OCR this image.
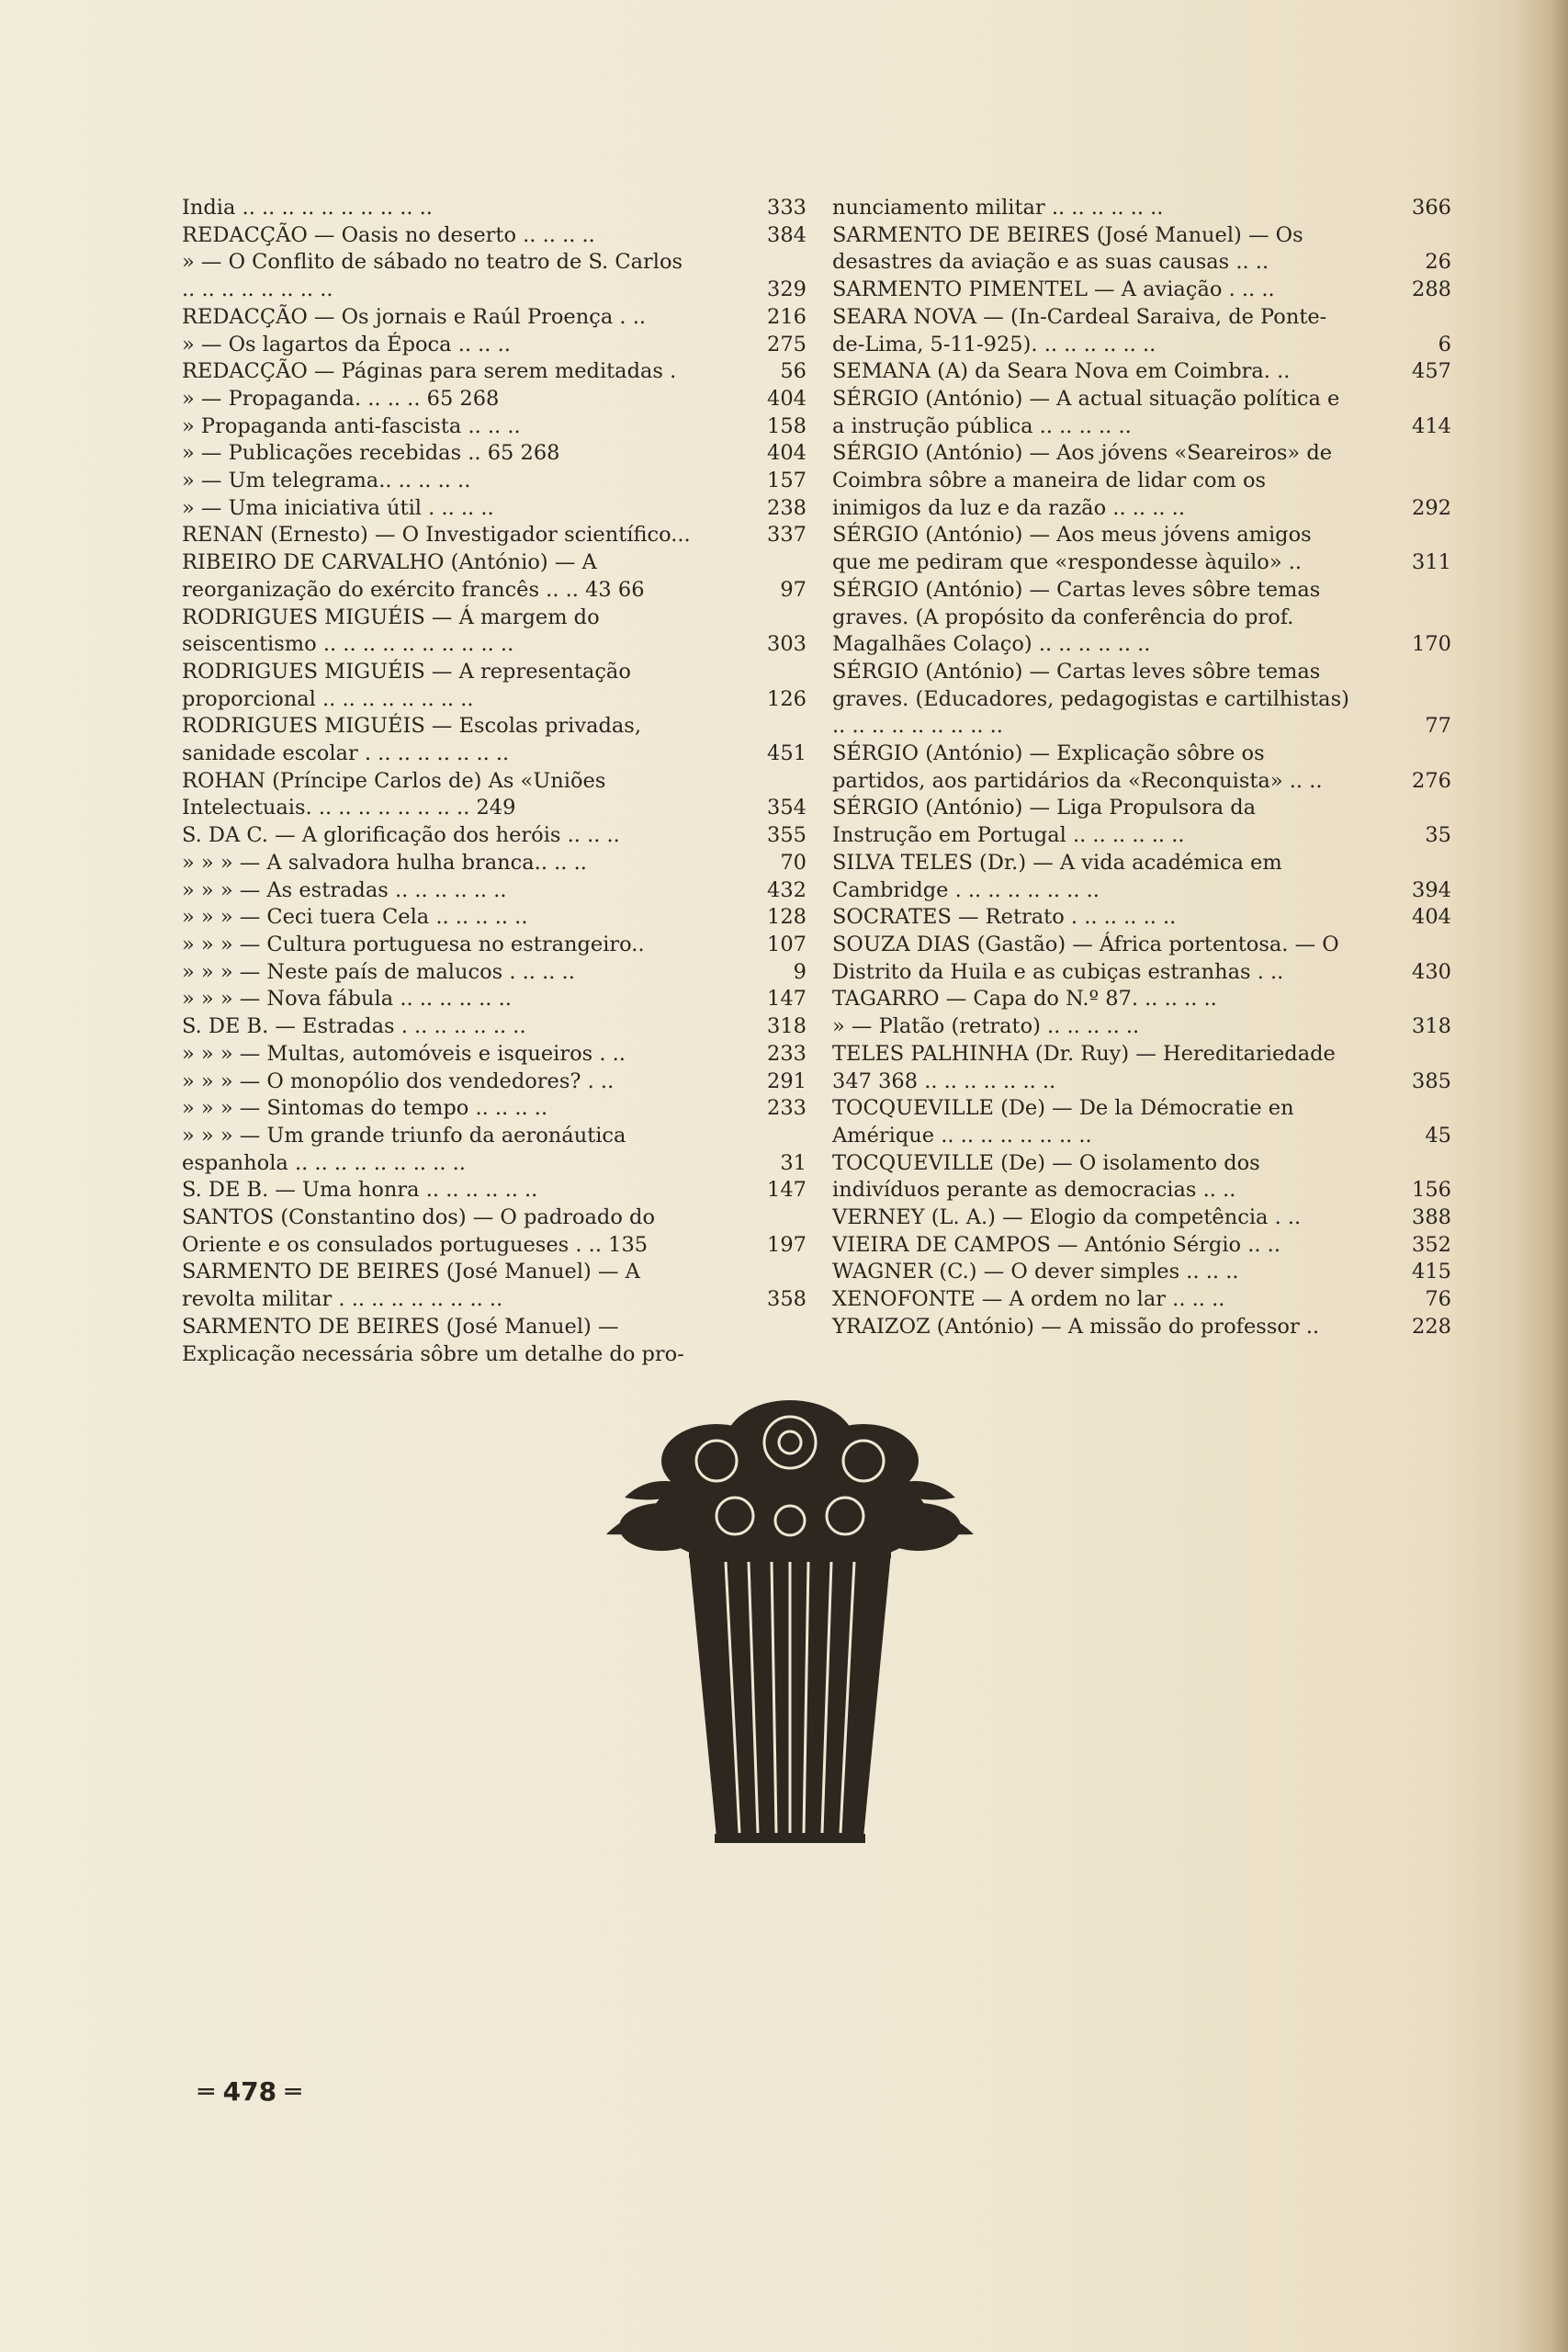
India .. .. .. .. .. .. .. .. .. ..	333
REDACÇÃO — Oasis no deserto .. .. .. ..	384
» — O Conflito de sábado no teatro de S. Carlos .. .. .. .. .. .. .. ..	329
REDACÇÃO — Os jornais e Raúl Proença . ..	216
» — Os lagartos da Época .. .. ..	275
REDACÇÃO — Páginas para serem meditadas .	56
» — Propaganda. .. .. .. 65 268	404
» Propaganda anti-fascista .. .. ..	158
» — Publicações recebidas .. 65 268	404
» — Um telegrama.. .. .. .. ..	157
» — Uma iniciativa útil . .. .. ..	238
RENAN (Ernesto) — O Investigador scientífico...	337
RIBEIRO DE CARVALHO (António) — A reorganização do exército francês .. .. 43 66	97
RODRIGUES MIGUÉIS — Á margem do seiscentismo .. .. .. .. .. .. .. .. .. ..	303
RODRIGUES MIGUÉIS — A representação proporcional .. .. .. .. .. .. .. ..	126
RODRIGUES MIGUÉIS — Escolas privadas, sanidade escolar . .. .. .. .. .. .. ..	451
ROHAN (Príncipe Carlos de) As «Uniões Intelectuais. .. .. .. .. .. .. .. .. 249	354
S. DA C. — A glorificação dos heróis .. .. ..	355
» » » — A salvadora hulha branca.. .. ..	70
» » » — As estradas .. .. .. .. .. ..	432
» » » — Ceci tuera Cela .. .. .. .. ..	128
» » » — Cultura portuguesa no estrangeiro..	107
» » » — Neste país de malucos . .. .. ..	9
» » » — Nova fábula .. .. .. .. .. ..	147
S. DE B. — Estradas . .. .. .. .. .. ..	318
» » » — Multas, automóveis e isqueiros . ..	233
» » » — O monopólio dos vendedores? . ..	291
» » » — Sintomas do tempo .. .. .. ..	233
» » » — Um grande triunfo da aeronáutica espanhola .. .. .. .. .. .. .. .. ..	31
S. DE B. — Uma honra .. .. .. .. .. ..	147
SANTOS (Constantino dos) — O padroado do Oriente e os consulados portugueses . .. 135	197
SARMENTO DE BEIRES (José Manuel) — A revolta militar . .. .. .. .. .. .. .. ..	358
SARMENTO DE BEIRES (José Manuel) — Explicação necessária sôbre um detalhe do pro-
nunciamento militar .. .. .. .. .. ..	366
SARMENTO DE BEIRES (José Manuel) — Os desastres da aviação e as suas causas .. ..	26
SARMENTO PIMENTEL — A aviação . .. ..	288
SEARA NOVA — (In-Cardeal Saraiva, de Ponte-de-Lima, 5-11-925). .. .. .. .. .. ..	6
SEMANA (A) da Seara Nova em Coimbra. ..	457
SÉRGIO (António) — A actual situação política e a instrução pública .. .. .. .. ..	414
SÉRGIO (António) — Aos jóvens «Seareiros» de Coimbra sôbre a maneira de lidar com os inimigos da luz e da razão .. .. .. ..	292
SÉRGIO (António) — Aos meus jóvens amigos que me pediram que «respondesse àquilo» ..	311
SÉRGIO (António) — Cartas leves sôbre temas graves. (A propósito da conferência do prof. Magalhães Colaço) .. .. .. .. .. ..	170
SÉRGIO (António) — Cartas leves sôbre temas graves. (Educadores, pedagogistas e cartilhistas) .. .. .. .. .. .. .. .. ..	77
SÉRGIO (António) — Explicação sôbre os partidos, aos partidários da «Reconquista» .. ..	276
SÉRGIO (António) — Liga Propulsora da Instrução em Portugal .. .. .. .. .. ..	35
SILVA TELES (Dr.) — A vida académica em Cambridge . .. .. .. .. .. .. ..	394
SOCRATES — Retrato . .. .. .. .. ..	404
SOUZA DIAS (Gastão) — África portentosa. — O Distrito da Huila e as cubiças estranhas . ..	430
TAGARRO — Capa do N.º 87. .. .. .. ..
» — Platão (retrato) .. .. .. .. ..	318
TELES PALHINHA (Dr. Ruy) — Hereditariedade 347 368 .. .. .. .. .. .. ..	385
TOCQUEVILLE (De) — De la Démocratie en Amérique .. .. .. .. .. .. .. ..	45
TOCQUEVILLE (De) — O isolamento dos indivíduos perante as democracias .. ..	156
VERNEY (L. A.) — Elogio da competência . ..	388
VIEIRA DE CAMPOS — António Sérgio .. ..	352
WAGNER (C.) — O dever simples .. .. ..	415
XENOFONTE — A ordem no lar .. .. ..	76
YRAIZOZ (António) — A missão do professor ..	228
═ 478 ═
